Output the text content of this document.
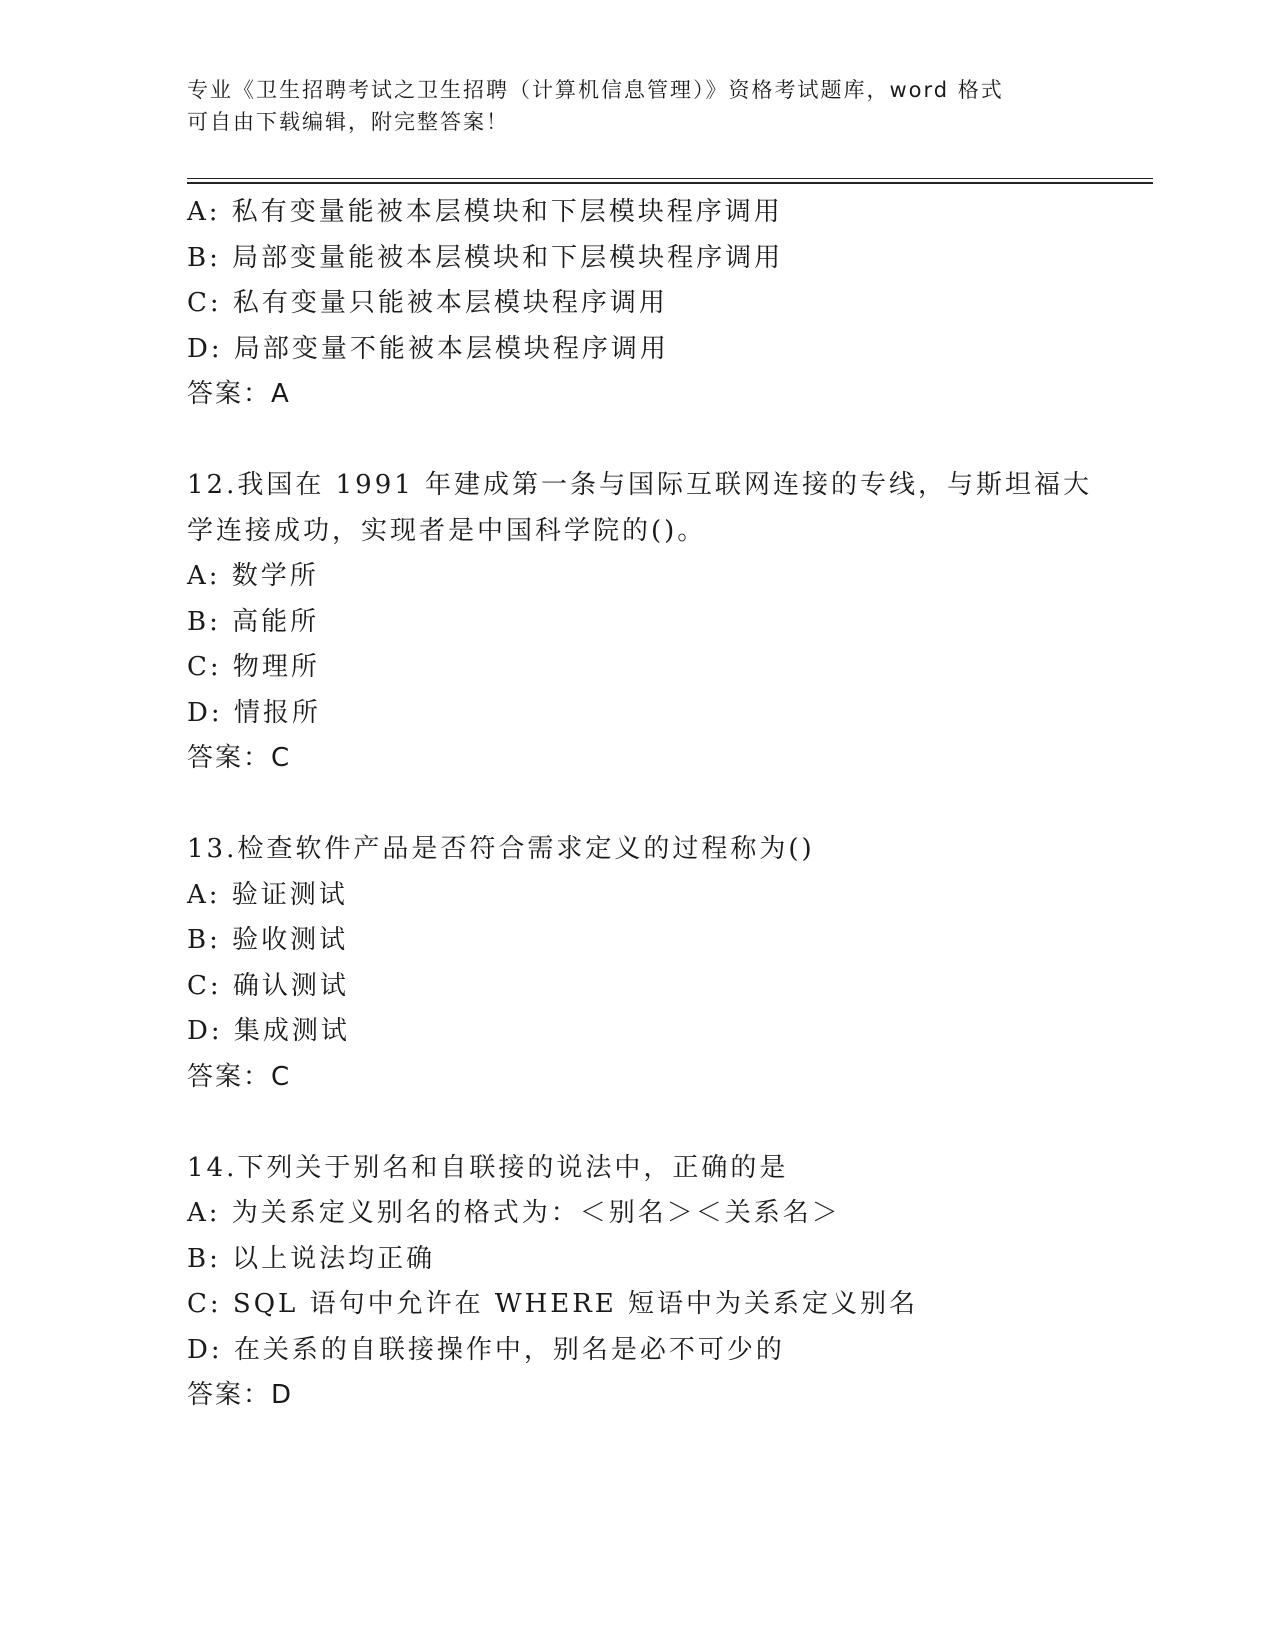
专业《卫生招聘考试之卫生招聘（计算机信息管理）》资格考试题库，word 格式
可自由下载编辑，附完整答案！
A: 私有变量能被本层模块和下层模块程序调用
B: 局部变量能被本层模块和下层模块程序调用
C: 私有变量只能被本层模块程序调用
D: 局部变量不能被本层模块程序调用
答案：A
12.我国在 1991 年建成第一条与国际互联网连接的专线，与斯坦福大
学连接成功，实现者是中国科学院的()。
A: 数学所
B: 高能所
C: 物理所
D: 情报所
答案：C
13.检查软件产品是否符合需求定义的过程称为()
A: 验证测试
B: 验收测试
C: 确认测试
D: 集成测试
答案：C
14.下列关于别名和自联接的说法中，正确的是
A: 为关系定义别名的格式为：＜别名＞＜关系名＞
B: 以上说法均正确
C: SQL 语句中允许在 WHERE 短语中为关系定义别名
D: 在关系的自联接操作中，别名是必不可少的
答案：D
